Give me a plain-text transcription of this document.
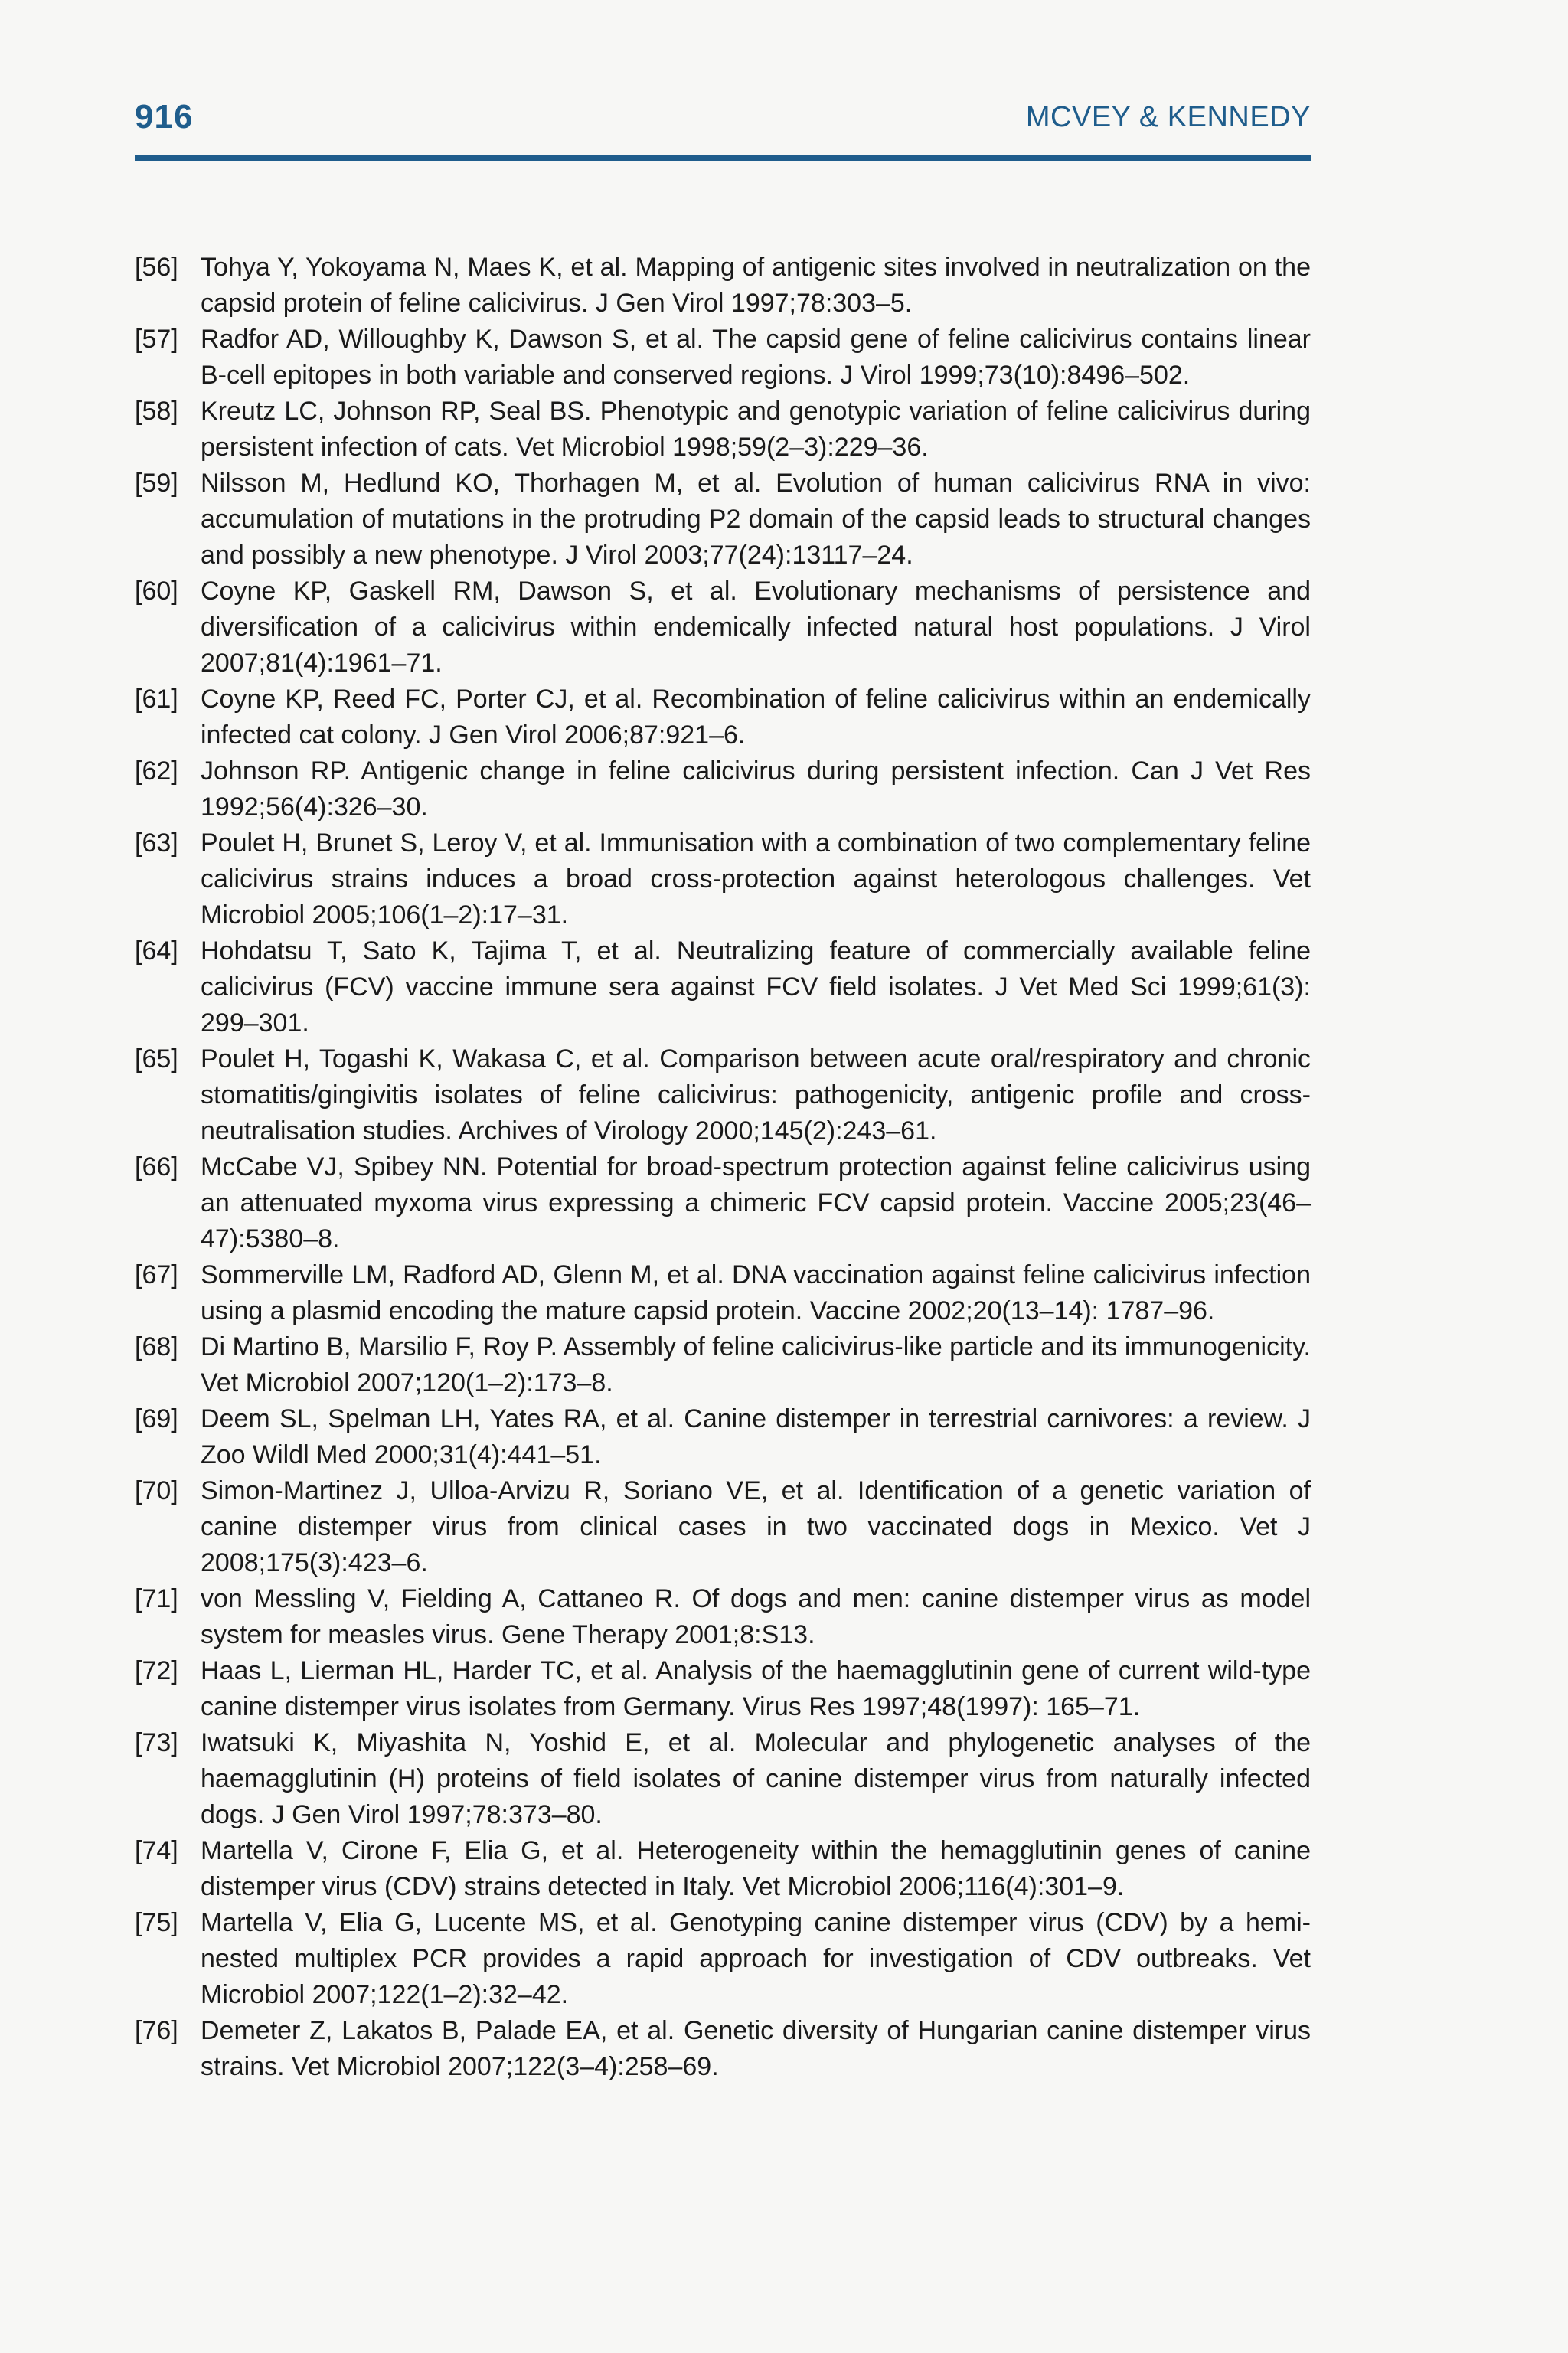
916	MCVEY & KENNEDY
[56] Tohya Y, Yokoyama N, Maes K, et al. Mapping of antigenic sites involved in neutralization on the capsid protein of feline calicivirus. J Gen Virol 1997;78:303–5.
[57] Radfor AD, Willoughby K, Dawson S, et al. The capsid gene of feline calicivirus contains linear B-cell epitopes in both variable and conserved regions. J Virol 1999;73(10):8496–502.
[58] Kreutz LC, Johnson RP, Seal BS. Phenotypic and genotypic variation of feline calicivirus during persistent infection of cats. Vet Microbiol 1998;59(2–3):229–36.
[59] Nilsson M, Hedlund KO, Thorhagen M, et al. Evolution of human calicivirus RNA in vivo: accumulation of mutations in the protruding P2 domain of the capsid leads to structural changes and possibly a new phenotype. J Virol 2003;77(24):13117–24.
[60] Coyne KP, Gaskell RM, Dawson S, et al. Evolutionary mechanisms of persistence and diversification of a calicivirus within endemically infected natural host populations. J Virol 2007;81(4):1961–71.
[61] Coyne KP, Reed FC, Porter CJ, et al. Recombination of feline calicivirus within an endemically infected cat colony. J Gen Virol 2006;87:921–6.
[62] Johnson RP. Antigenic change in feline calicivirus during persistent infection. Can J Vet Res 1992;56(4):326–30.
[63] Poulet H, Brunet S, Leroy V, et al. Immunisation with a combination of two complementary feline calicivirus strains induces a broad cross-protection against heterologous challenges. Vet Microbiol 2005;106(1–2):17–31.
[64] Hohdatsu T, Sato K, Tajima T, et al. Neutralizing feature of commercially available feline calicivirus (FCV) vaccine immune sera against FCV field isolates. J Vet Med Sci 1999;61(3): 299–301.
[65] Poulet H, Togashi K, Wakasa C, et al. Comparison between acute oral/respiratory and chronic stomatitis/gingivitis isolates of feline calicivirus: pathogenicity, antigenic profile and cross-neutralisation studies. Archives of Virology 2000;145(2):243–61.
[66] McCabe VJ, Spibey NN. Potential for broad-spectrum protection against feline calicivirus using an attenuated myxoma virus expressing a chimeric FCV capsid protein. Vaccine 2005;23(46–47):5380–8.
[67] Sommerville LM, Radford AD, Glenn M, et al. DNA vaccination against feline calicivirus infection using a plasmid encoding the mature capsid protein. Vaccine 2002;20(13–14): 1787–96.
[68] Di Martino B, Marsilio F, Roy P. Assembly of feline calicivirus-like particle and its immunogenicity. Vet Microbiol 2007;120(1–2):173–8.
[69] Deem SL, Spelman LH, Yates RA, et al. Canine distemper in terrestrial carnivores: a review. J Zoo Wildl Med 2000;31(4):441–51.
[70] Simon-Martinez J, Ulloa-Arvizu R, Soriano VE, et al. Identification of a genetic variation of canine distemper virus from clinical cases in two vaccinated dogs in Mexico. Vet J 2008;175(3):423–6.
[71] von Messling V, Fielding A, Cattaneo R. Of dogs and men: canine distemper virus as model system for measles virus. Gene Therapy 2001;8:S13.
[72] Haas L, Lierman HL, Harder TC, et al. Analysis of the haemagglutinin gene of current wild-type canine distemper virus isolates from Germany. Virus Res 1997;48(1997): 165–71.
[73] Iwatsuki K, Miyashita N, Yoshid E, et al. Molecular and phylogenetic analyses of the haemagglutinin (H) proteins of field isolates of canine distemper virus from naturally infected dogs. J Gen Virol 1997;78:373–80.
[74] Martella V, Cirone F, Elia G, et al. Heterogeneity within the hemagglutinin genes of canine distemper virus (CDV) strains detected in Italy. Vet Microbiol 2006;116(4):301–9.
[75] Martella V, Elia G, Lucente MS, et al. Genotyping canine distemper virus (CDV) by a hemi-nested multiplex PCR provides a rapid approach for investigation of CDV outbreaks. Vet Microbiol 2007;122(1–2):32–42.
[76] Demeter Z, Lakatos B, Palade EA, et al. Genetic diversity of Hungarian canine distemper virus strains. Vet Microbiol 2007;122(3–4):258–69.
